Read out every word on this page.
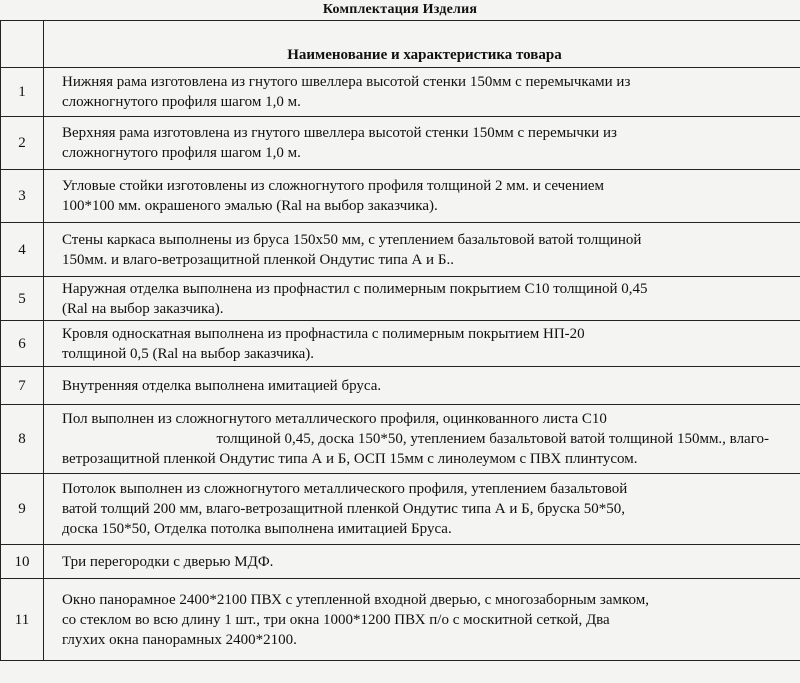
Комплектация Изделия
	Наименование и характеристика товара
1	Нижняя рама изготовлена из гнутого швеллера высотой стенки 150мм с перемычками из
сложногнутого профиля шагом 1,0 м.

2	Верхняя рама изготовлена из гнутого швеллера высотой стенки 150мм с перемычки из
сложногнутого профиля шагом 1,0 м.

3	Угловые стойки изготовлены из сложногнутого профиля толщиной 2 мм. и сечением
100*100 мм. окрашеного эмалью (Ral на выбор заказчика).

4	Стены каркаса выполнены из бруса 150х50 мм, с утеплением базальтовой ватой толщиной
150мм. и влаго-ветрозащитной пленкой Ондутис типа А и Б..

5	Наружная отделка выполнена из профнастил с полимерным покрытием С10 толщиной 0,45
(Ral на выбор заказчика).

6	Кровля односкатная выполнена из профнастила с полимерным покрытием НП-20
толщиной 0,5 (Ral на выбор заказчика).

7	Внутренняя отделка выполнена имитацией бруса.

8	Пол выполнен из сложногнутого металлического профиля, оцинкованного листа С10
толщиной 0,45, доска 150*50, утеплением базальтовой ватой толщиной 150мм., влаго-
ветрозащитной пленкой Ондутис типа А и Б, ОСП 15мм с линолеумом с ПВХ плинтусом.

9	Потолок выполнен из сложногнутого металлического профиля, утеплением базальтовой
ватой толщий 200 мм, влаго-ветрозащитной пленкой Ондутис типа А и Б, бруска 50*50,
доска 150*50, Отделка потолка выполнена имитацией Бруса.

10	Три перегородки с дверью МДФ.

11	Окно панорамное 2400*2100 ПВХ с утепленной входной дверью, с многозаборным замком,
со стеклом во всю длину 1 шт., три окна 1000*1200 ПВХ п/о с москитной сеткой, Два
глухих окна панорамных 2400*2100.
